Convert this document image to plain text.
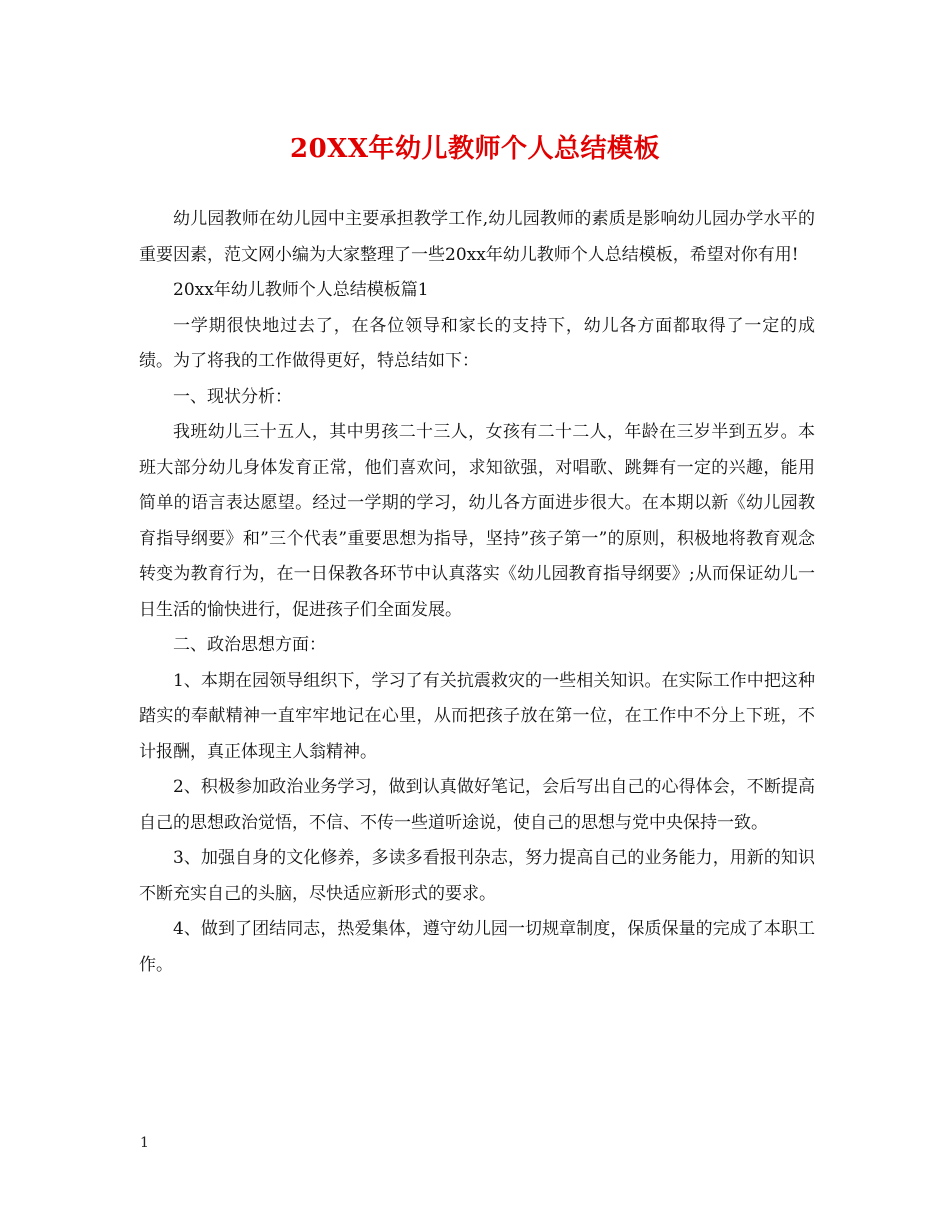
20XX年幼儿教师个人总结模板

幼儿园教师在幼儿园中主要承担教学工作,幼儿园教师的素质是影响幼儿园办学水平的重要因素，范文网小编为大家整理了一些20xx年幼儿教师个人总结模板，希望对你有用!

20xx年幼儿教师个人总结模板篇1

一学期很快地过去了，在各位领导和家长的支持下，幼儿各方面都取得了一定的成绩。为了将我的工作做得更好，特总结如下：

一、现状分析：

我班幼儿三十五人，其中男孩二十三人，女孩有二十二人，年龄在三岁半到五岁。本班大部分幼儿身体发育正常，他们喜欢问，求知欲强，对唱歌、跳舞有一定的兴趣，能用简单的语言表达愿望。经过一学期的学习，幼儿各方面进步很大。在本期以新《幼儿园教育指导纲要》和”三个代表”重要思想为指导，坚持”孩子第一”的原则，积极地将教育观念转变为教育行为，在一日保教各环节中认真落实《幼儿园教育指导纲要》;从而保证幼儿一日生活的愉快进行，促进孩子们全面发展。

二、政治思想方面：

1、本期在园领导组织下，学习了有关抗震救灾的一些相关知识。在实际工作中把这种踏实的奉献精神一直牢牢地记在心里，从而把孩子放在第一位，在工作中不分上下班，不计报酬，真正体现主人翁精神。

2、积极参加政治业务学习，做到认真做好笔记，会后写出自己的心得体会，不断提高自己的思想政治觉悟，不信、不传一些道听途说，使自己的思想与党中央保持一致。

3、加强自身的文化修养，多读多看报刊杂志，努力提高自己的业务能力，用新的知识不断充实自己的头脑，尽快适应新形式的要求。

4、做到了团结同志，热爱集体，遵守幼儿园一切规章制度，保质保量的完成了本职工作。

1
